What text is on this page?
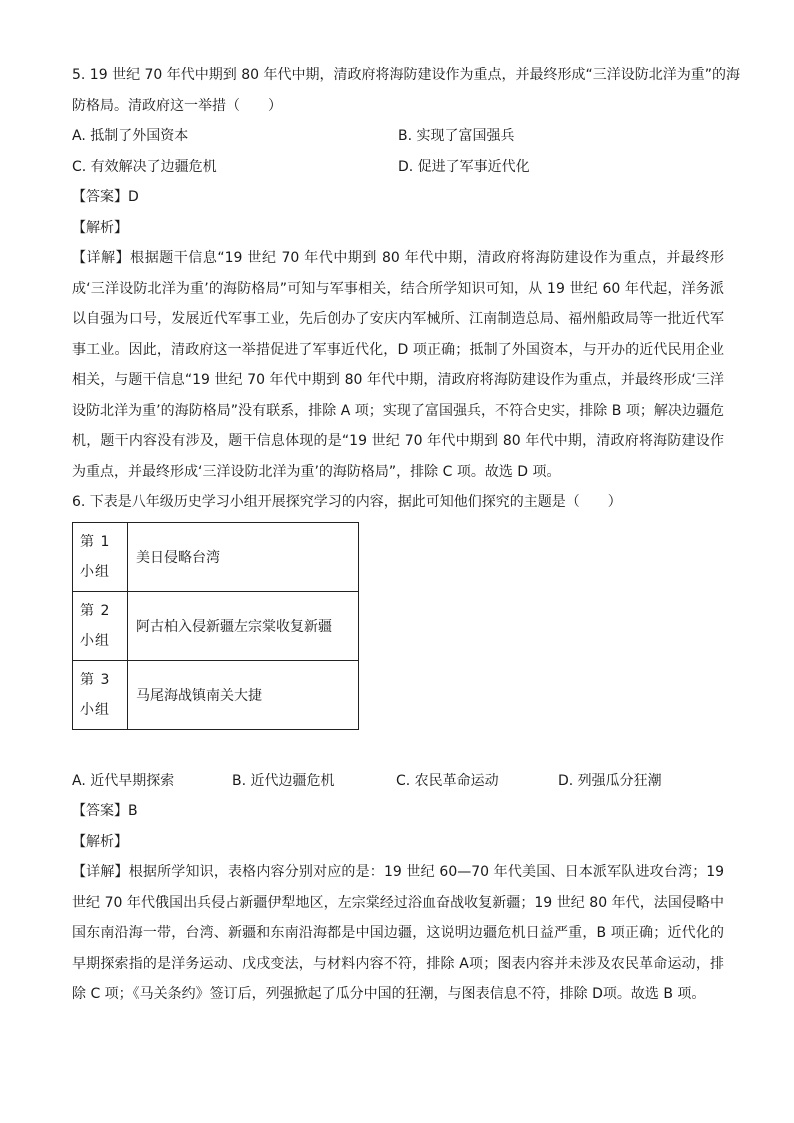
5. 19 世纪 70 年代中期到 80 年代中期，清政府将海防建设作为重点，并最终形成“三洋设防北洋为重”的海
防格局。清政府这一举措（　　）
A. 抵制了外国资本	B. 实现了富国强兵
C. 有效解决了边疆危机	D. 促进了军事近代化
【答案】D
【解析】
【详解】根据题干信息“19 世纪 70 年代中期到 80 年代中期，清政府将海防建设作为重点，并最终形成‘三洋设防北洋为重’的海防格局”可知与军事相关，结合所学知识可知，从 19 世纪 60 年代起，洋务派以自强为口号，发展近代军事工业，先后创办了安庆内军械所、江南制造总局、福州船政局等一批近代军事工业。因此，清政府这一举措促进了军事近代化，D 项正确；抵制了外国资本，与开办的近代民用企业相关，与题干信息“19 世纪 70 年代中期到 80 年代中期，清政府将海防建设作为重点，并最终形成‘三洋设防北洋为重’的海防格局”没有联系，排除 A 项；实现了富国强兵，不符合史实，排除 B 项；解决边疆危机，题干内容没有涉及，题干信息体现的是“19 世纪 70 年代中期到 80 年代中期，清政府将海防建设作为重点，并最终形成‘三洋设防北洋为重’的海防格局”，排除 C 项。故选 D 项。
6. 下表是八年级历史学习小组开展探究学习的内容，据此可知他们探究的主题是（　　）
第 1 小组	美日侵略台湾
第 2 小组	阿古柏入侵新疆左宗棠收复新疆
第 3 小组	马尾海战镇南关大捷
A. 近代早期探索	B. 近代边疆危机	C. 农民革命运动	D. 列强瓜分狂潮
【答案】B
【解析】
【详解】根据所学知识，表格内容分别对应的是：19 世纪 60—70 年代美国、日本派军队进攻台湾；19 世纪 70 年代俄国出兵侵占新疆伊犁地区，左宗棠经过浴血奋战收复新疆；19 世纪 80 年代，法国侵略中国东南沿海一带，台湾、新疆和东南沿海都是中国边疆，这说明边疆危机日益严重，B 项正确；近代化的早期探索指的是洋务运动、戊戌变法，与材料内容不符，排除 A项；图表内容并未涉及农民革命运动，排除 C 项；《马关条约》签订后，列强掀起了瓜分中国的狂潮，与图表信息不符，排除 D项。故选 B 项。
